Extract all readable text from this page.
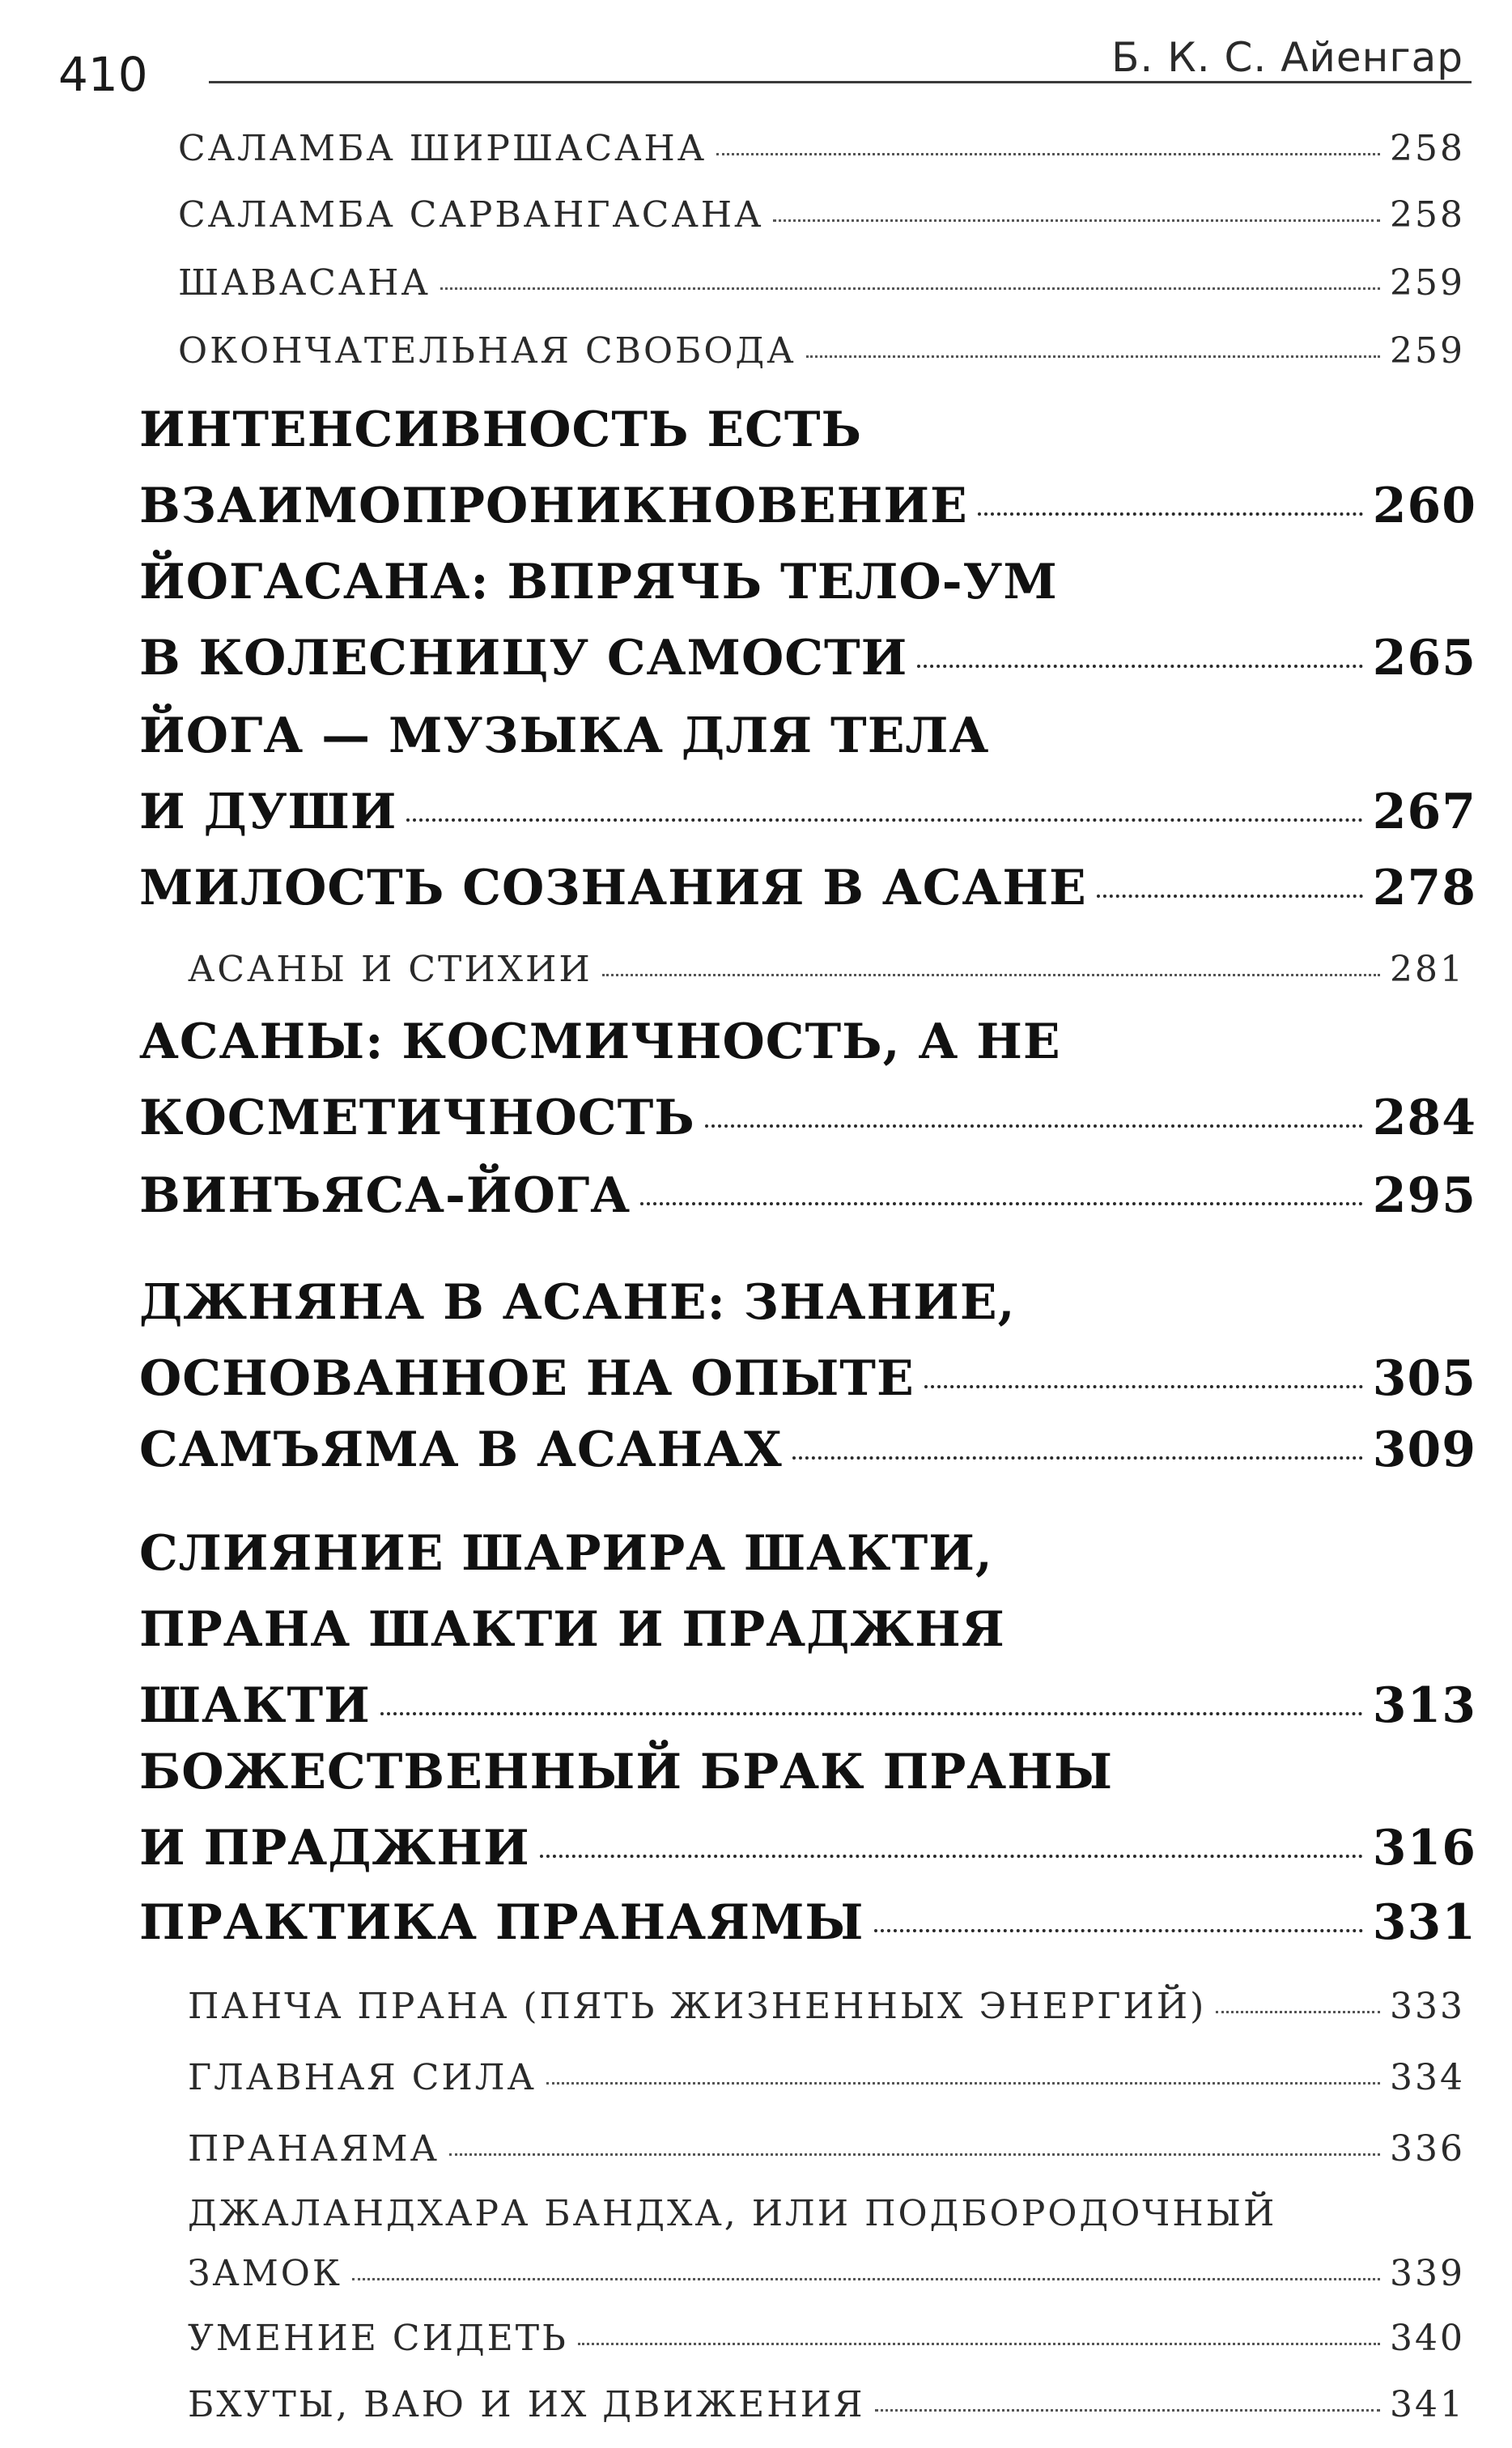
410	Б. К. С. Айенгар
САЛАМБА ШИРШАСАНА	258
САЛАМБА САРВАНГАСАНА	258
ШАВАСАНА	259
ОКОНЧАТЕЛЬНАЯ СВОБОДА	259
ИНТЕНСИВНОСТЬ ЕСТЬ
ВЗАИМОПРОНИКНОВЕНИЕ	260
ЙОГАСАНА: ВПРЯЧЬ ТЕЛО-УМ
В КОЛЕСНИЦУ САМОСТИ	265
ЙОГА — МУЗЫКА ДЛЯ ТЕЛА
И ДУШИ	267
МИЛОСТЬ СОЗНАНИЯ В АСАНЕ	278
АСАНЫ И СТИХИИ	281
АСАНЫ: КОСМИЧНОСТЬ, А НЕ
КОСМЕТИЧНОСТЬ	284
ВИНЪЯСА-ЙОГА	295
ДЖНЯНА В АСАНЕ: ЗНАНИЕ,
ОСНОВАННОЕ НА ОПЫТЕ	305
САМЪЯМА В АСАНАХ	309
СЛИЯНИЕ ШАРИРА ШАКТИ,
ПРАНА ШАКТИ И ПРАДЖНЯ
ШАКТИ	313
БОЖЕСТВЕННЫЙ БРАК ПРАНЫ
И ПРАДЖНИ	316
ПРАКТИКА ПРАНАЯМЫ	331
ПАНЧА ПРАНА (ПЯТЬ ЖИЗНЕННЫХ ЭНЕРГИЙ)	333
ГЛАВНАЯ СИЛА	334
ПРАНАЯМА	336
ДЖАЛАНДХАРА БАНДХА, ИЛИ ПОДБОРОДОЧНЫЙ
ЗАМОК	339
УМЕНИЕ СИДЕТЬ	340
БХУТЫ, ВАЮ И ИХ ДВИЖЕНИЯ	341
